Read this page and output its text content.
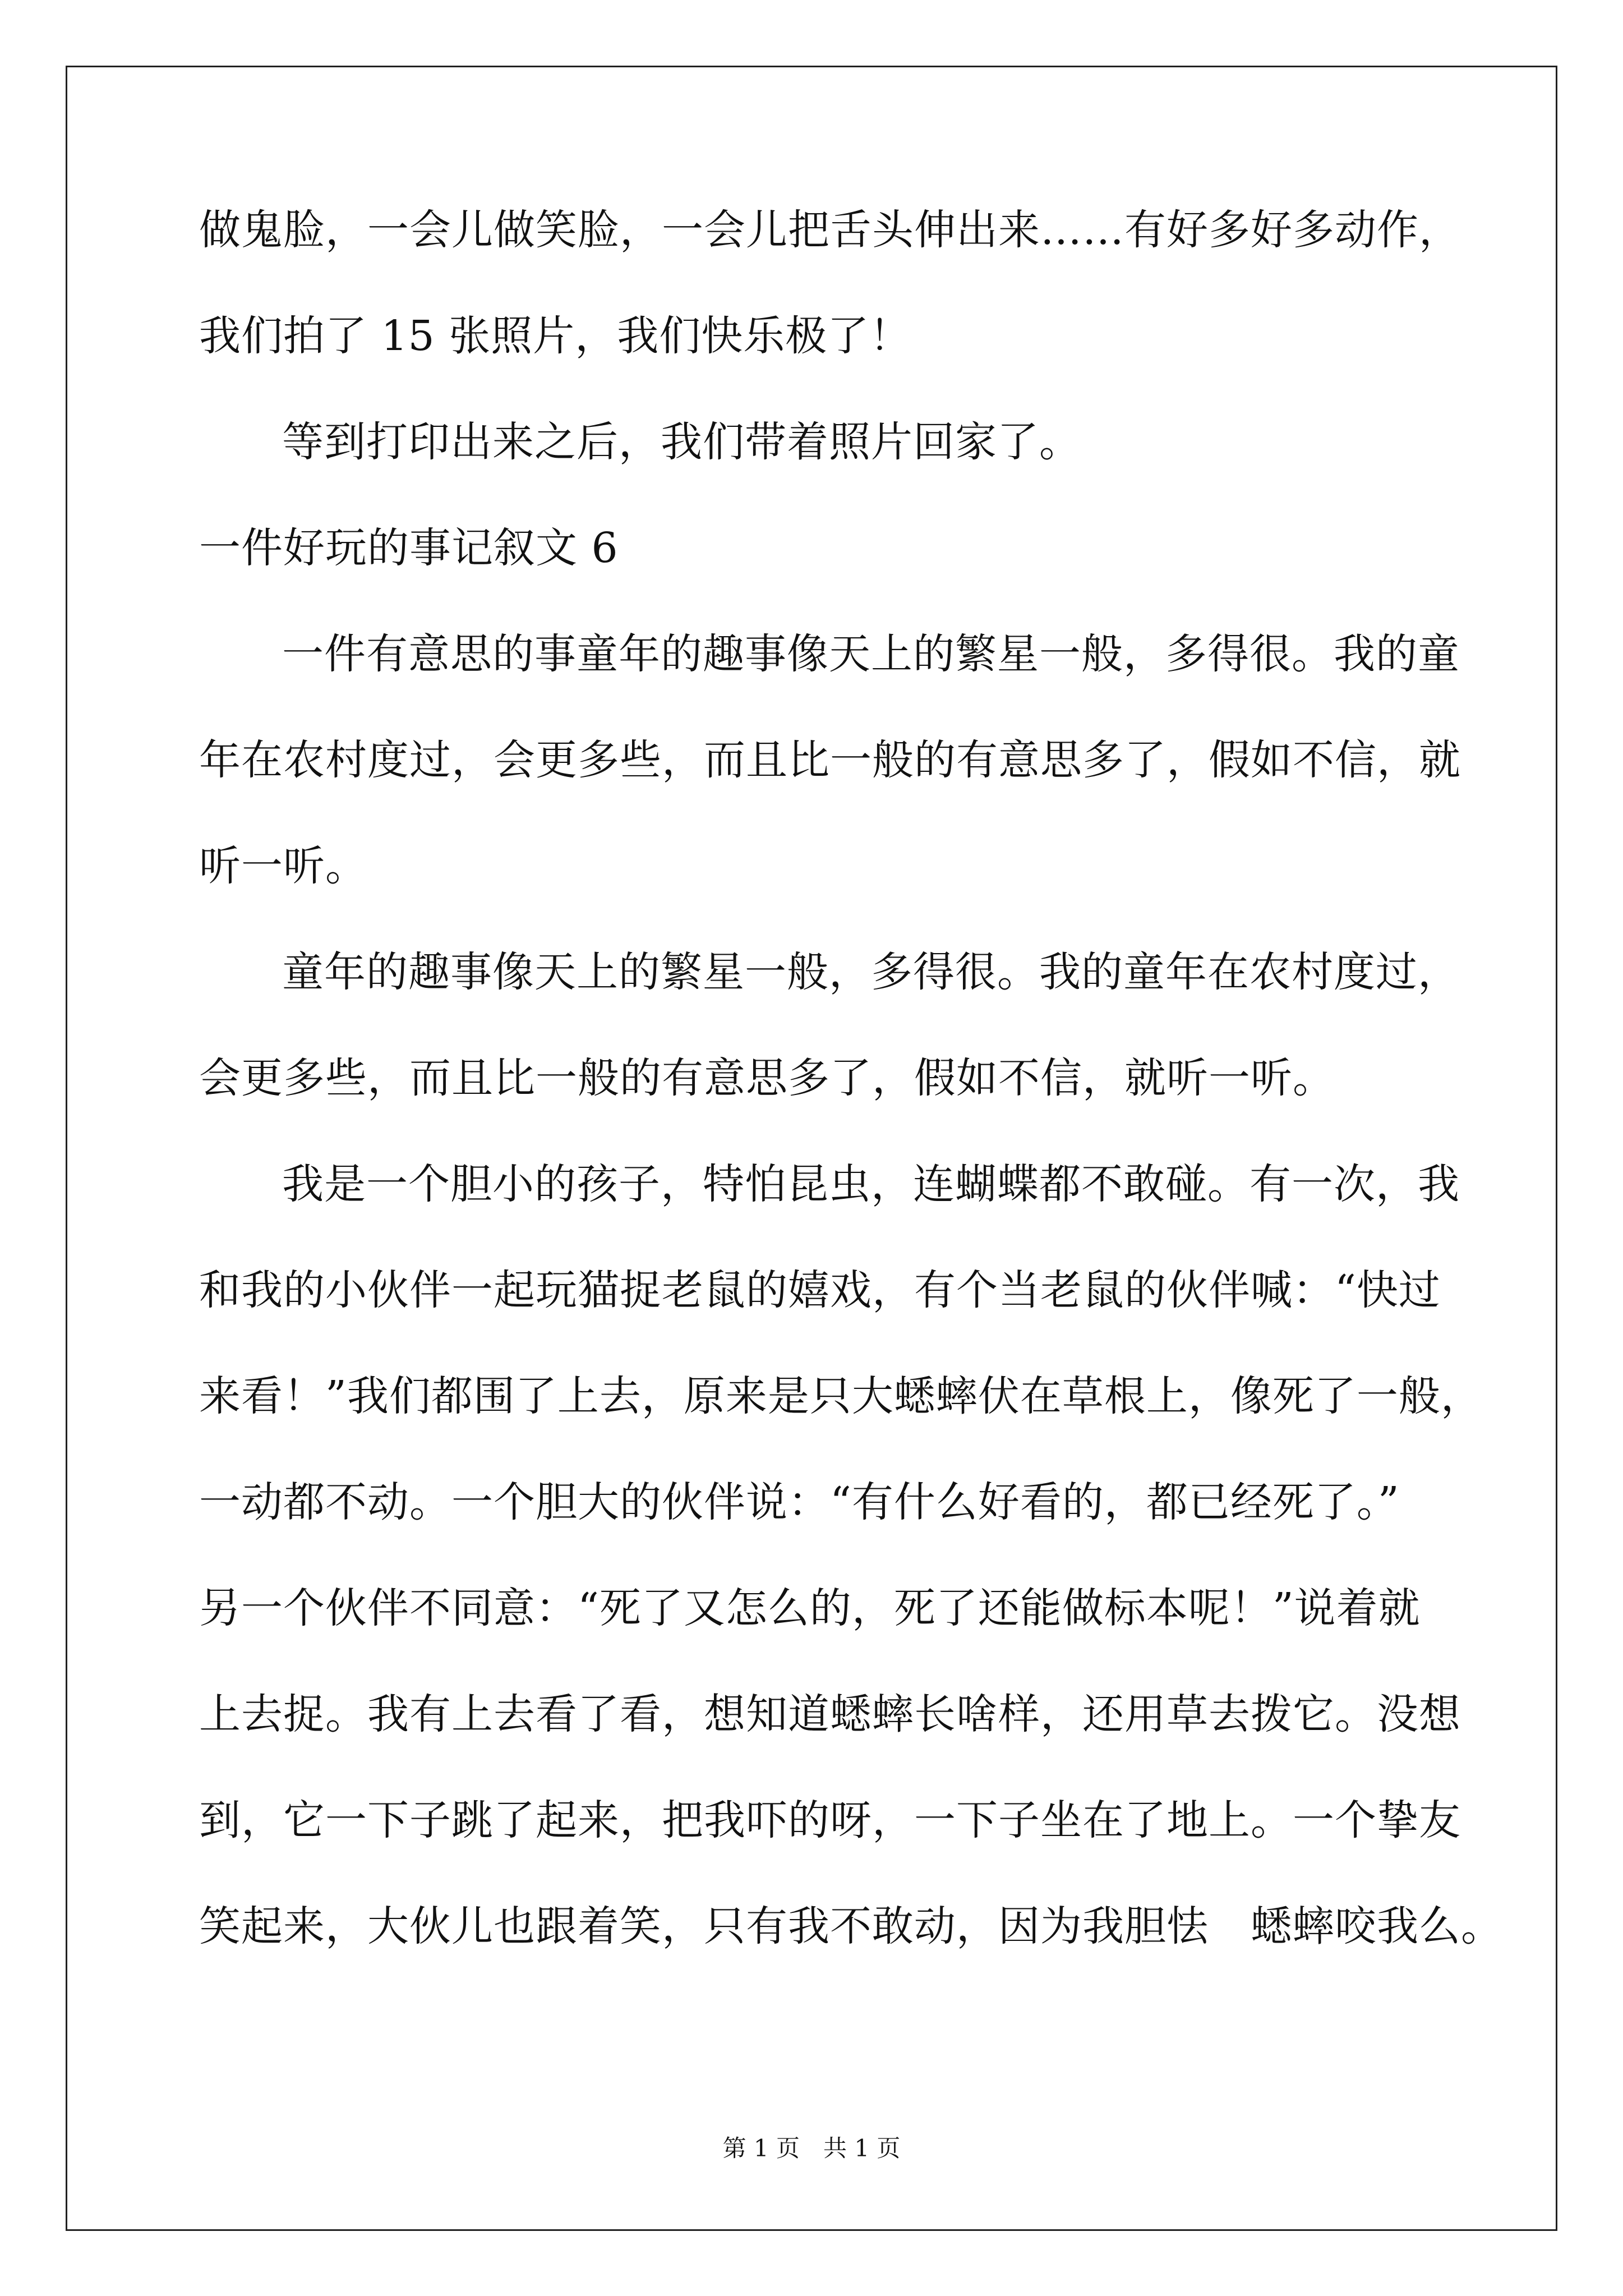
做鬼脸，一会儿做笑脸，一会儿把舌头伸出来……有好多好多动作，
我们拍了 15 张照片，我们快乐极了！
等到打印出来之后，我们带着照片回家了。
一件好玩的事记叙文 6
一件有意思的事童年的趣事像天上的繁星一般，多得很。我的童
年在农村度过，会更多些，而且比一般的有意思多了，假如不信，就
听一听。
童年的趣事像天上的繁星一般，多得很。我的童年在农村度过，
会更多些，而且比一般的有意思多了，假如不信，就听一听。
我是一个胆小的孩子，特怕昆虫，连蝴蝶都不敢碰。有一次，我
和我的小伙伴一起玩猫捉老鼠的嬉戏，有个当老鼠的伙伴喊：“快过
来看！”我们都围了上去，原来是只大蟋蟀伏在草根上，像死了一般，
一动都不动。一个胆大的伙伴说：“有什么好看的，都已经死了。”
另一个伙伴不同意：“死了又怎么的，死了还能做标本呢！”说着就
上去捉。我有上去看了看，想知道蟋蟀长啥样，还用草去拨它。没想
到，它一下子跳了起来，把我吓的呀，一下子坐在了地上。一个挚友
笑起来，大伙儿也跟着笑，只有我不敢动，因为我胆怯　蟋蟀咬我么。
第 1 页　共 1 页
